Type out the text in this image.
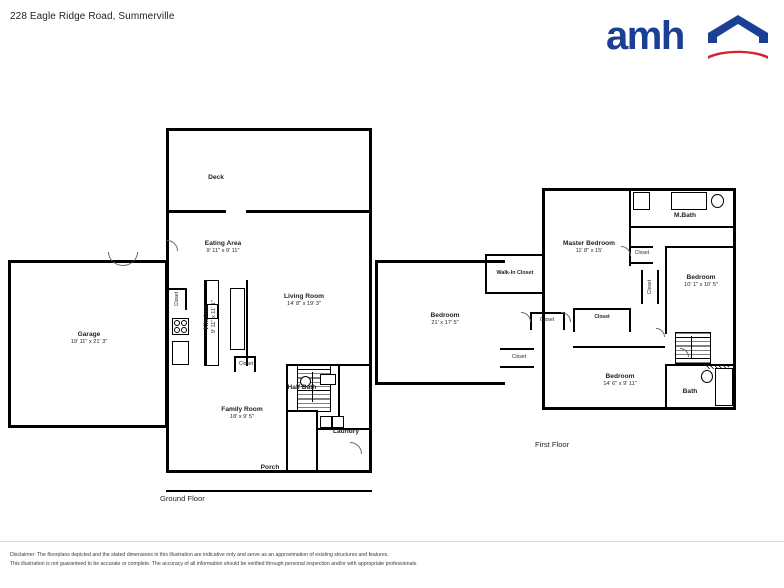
228 Eagle Ridge Road, Summerville	amh
Garage
19' 11" x 21' 3"
Deck
Eating Area
9' 11" x 9' 11"
Living Room
14' 8" x 19' 3"
Kitchen 9' 11" x 11' 1"
Closet
Closet
Half Bath
Laundry
Family Room
18' x 9' 5"
Porch
Ground Floor
Bedroom
21' x 17' 5"
Master Bedroom
11' 8" x 15'
M.Bath
Closet
Closet
Bedroom
10' 1" x 10' 5"
Walk-In Closet
Closet	Closet
Closet
Bedroom
14' 6" x 9' 11"
Bath
First Floor
Disclaimer: The floorplans depicted and the stated dimensions in this illustration are indicative only and serve as an approximation of existing structures and features.
This illustration is not guaranteed to be accurate or complete. The accuracy of all information should be verified through personal inspection and/or with appropriate professionals.
